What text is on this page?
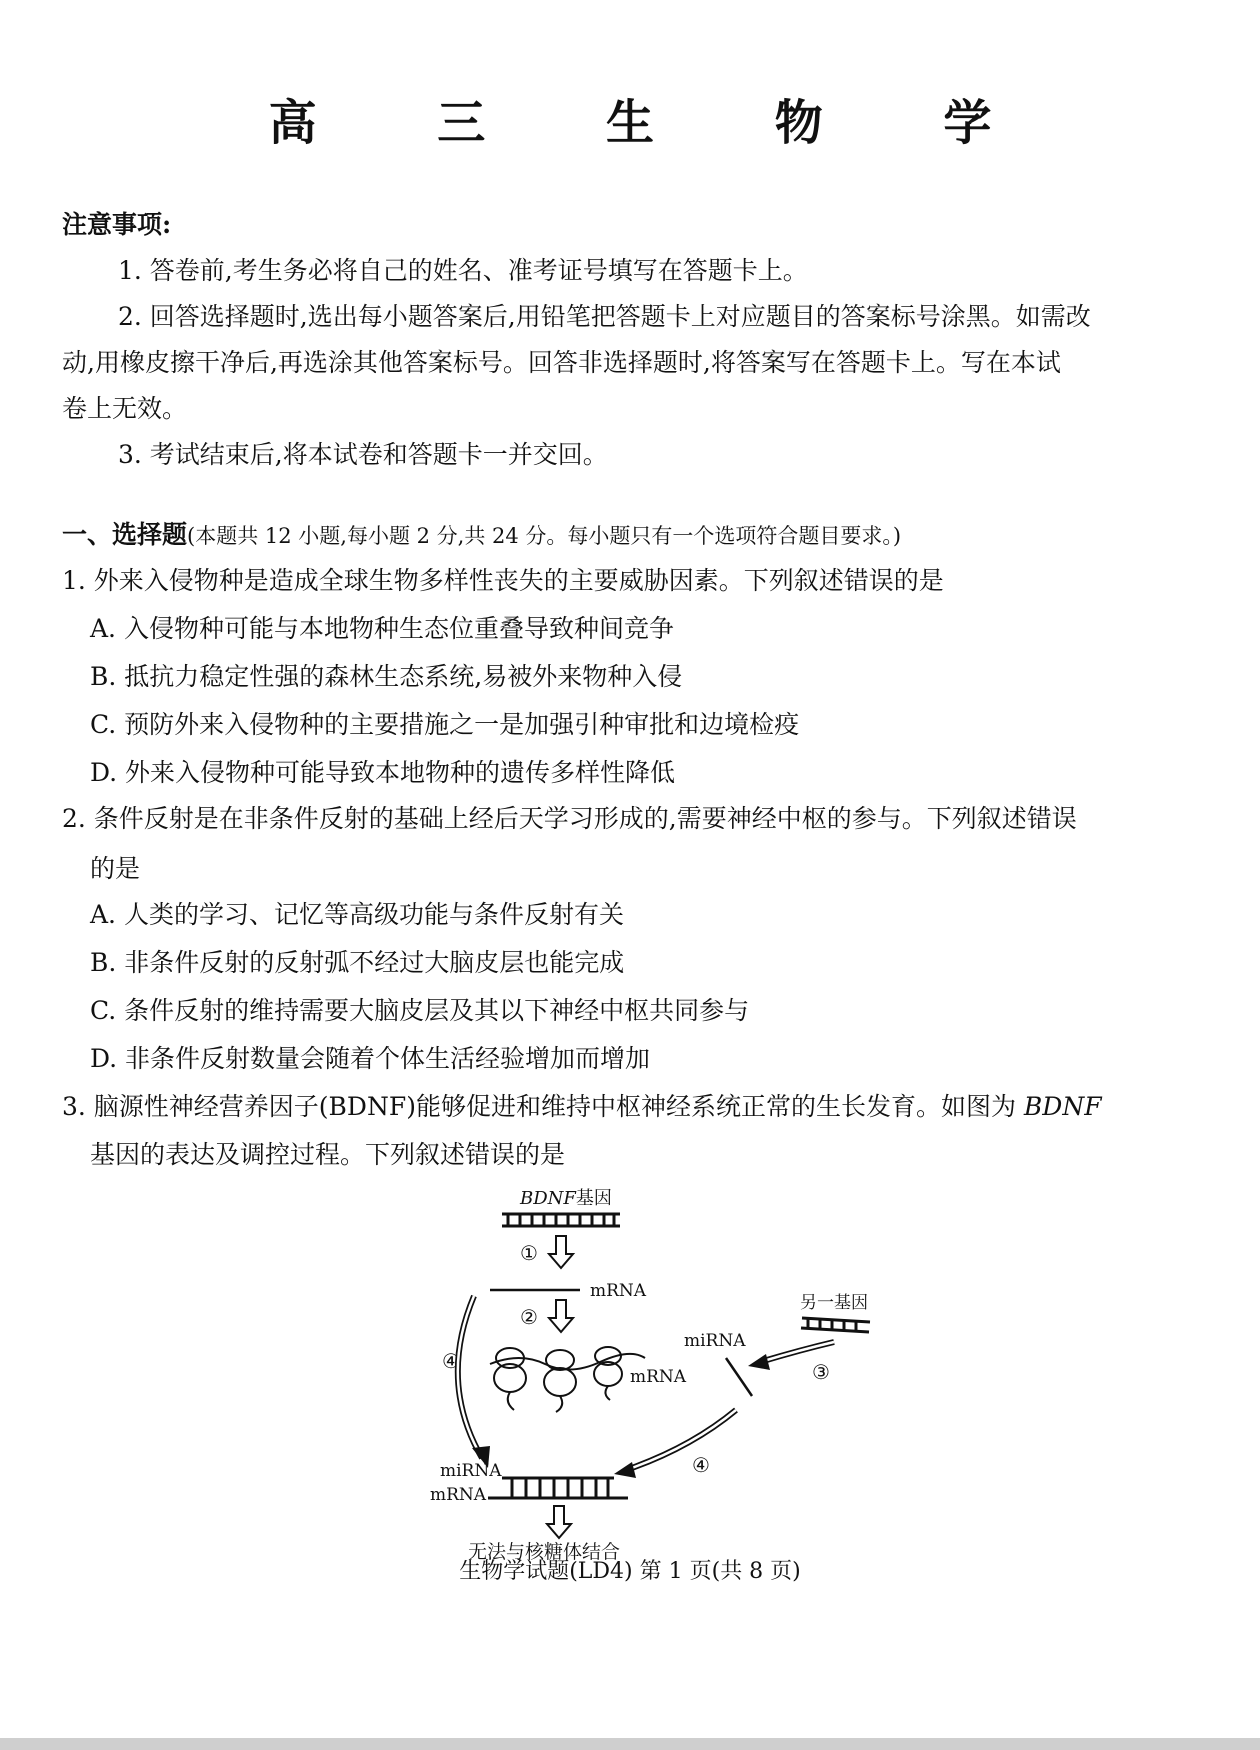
高 三 生 物 学
注意事项:
1. 答卷前,考生务必将自己的姓名、准考证号填写在答题卡上。
2. 回答选择题时,选出每小题答案后,用铅笔把答题卡上对应题目的答案标号涂黑。如需改
动,用橡皮擦干净后,再选涂其他答案标号。回答非选择题时,将答案写在答题卡上。写在本试
卷上无效。
3. 考试结束后,将本试卷和答题卡一并交回。
一、选择题(本题共 12 小题,每小题 2 分,共 24 分。每小题只有一个选项符合题目要求。)
1. 外来入侵物种是造成全球生物多样性丧失的主要威胁因素。下列叙述错误的是
A. 入侵物种可能与本地物种生态位重叠导致种间竞争
B. 抵抗力稳定性强的森林生态系统,易被外来物种入侵
C. 预防外来入侵物种的主要措施之一是加强引种审批和边境检疫
D. 外来入侵物种可能导致本地物种的遗传多样性降低
2. 条件反射是在非条件反射的基础上经后天学习形成的,需要神经中枢的参与。下列叙述错误
的是
A. 人类的学习、记忆等高级功能与条件反射有关
B. 非条件反射的反射弧不经过大脑皮层也能完成
C. 条件反射的维持需要大脑皮层及其以下神经中枢共同参与
D. 非条件反射数量会随着个体生活经验增加而增加
3. 脑源性神经营养因子(BDNF)能够促进和维持中枢神经系统正常的生长发育。如图为 BDNF
基因的表达及调控过程。下列叙述错误的是
BDNF基因
①
mRNA
②
mRNA
④
另一基因
miRNA
③
④
miRNA
mRNA
无法与核糖体结合
生物学试题(LD4) 第 1 页(共 8 页)
